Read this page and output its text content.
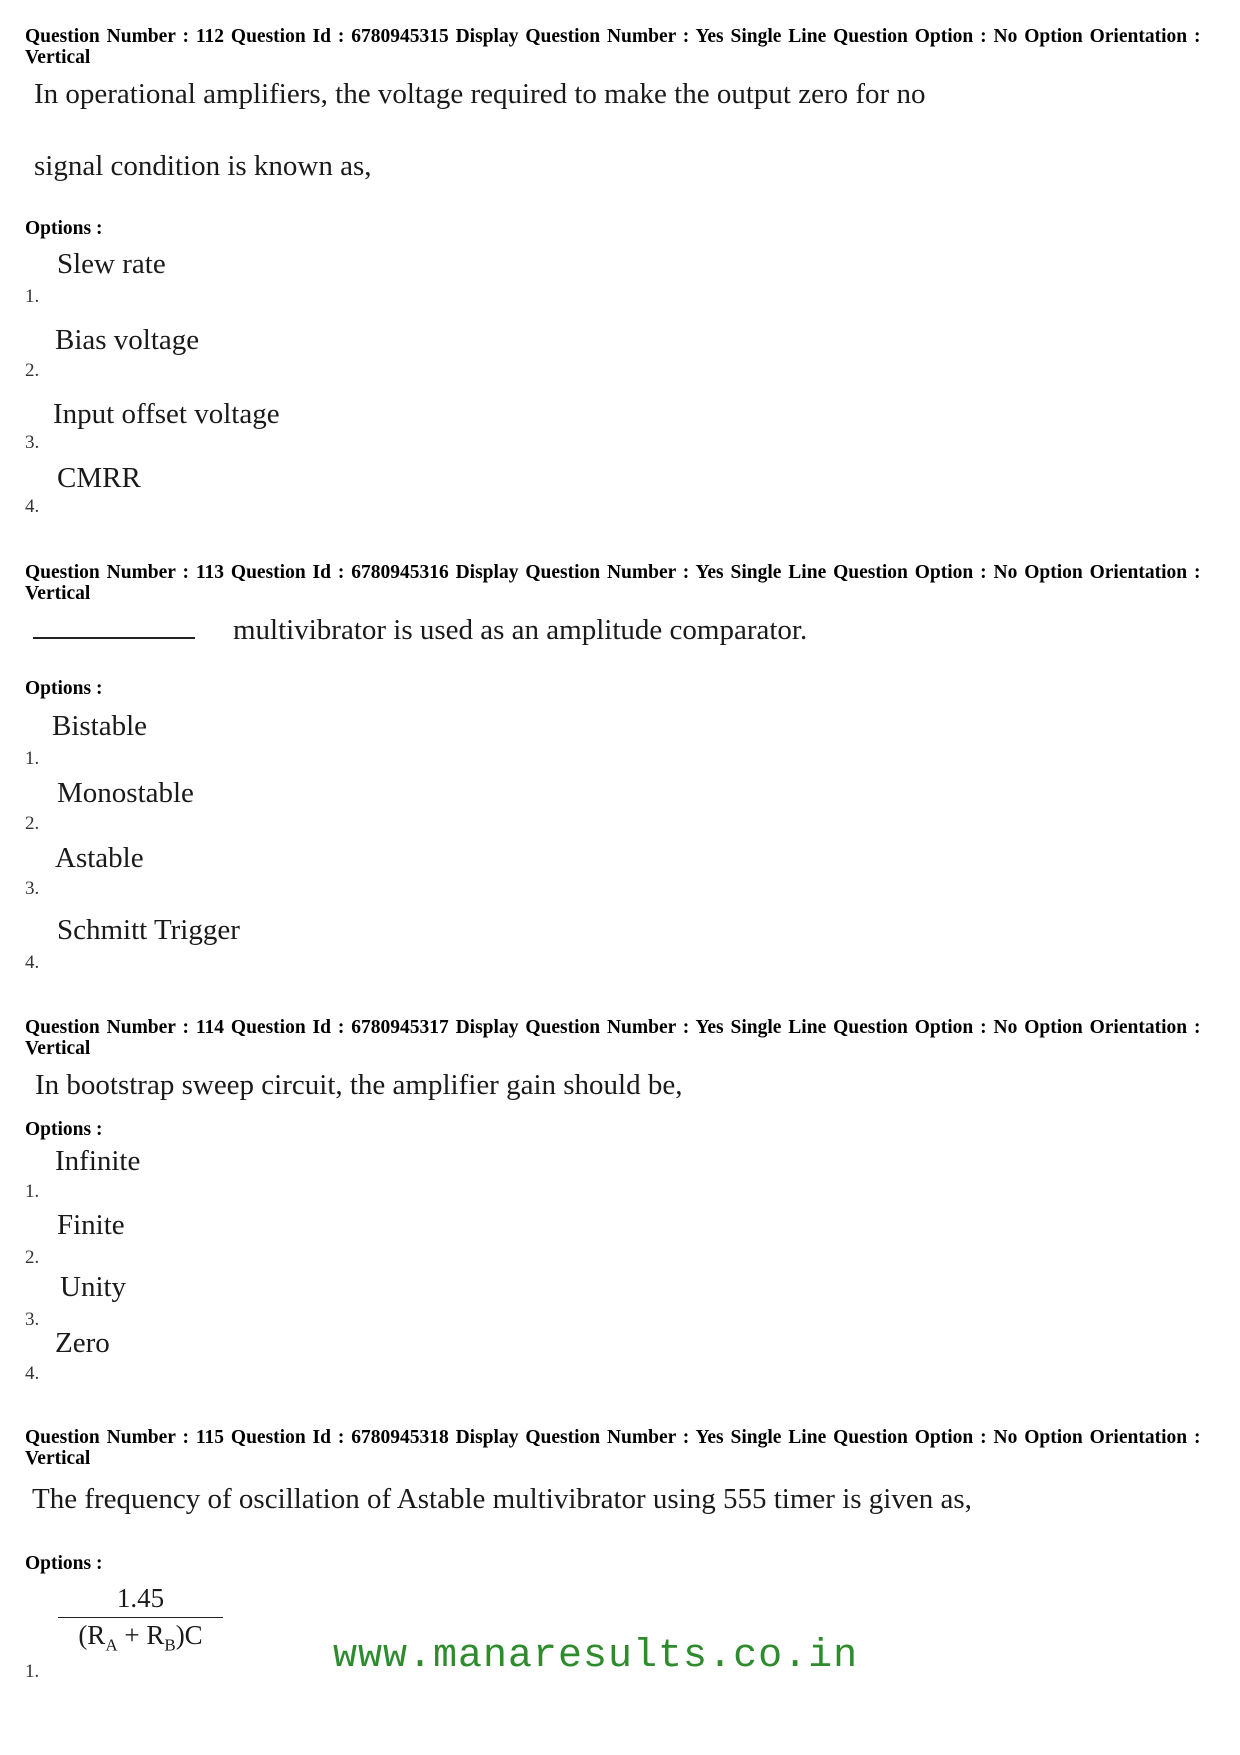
Question Number : 112 Question Id : 6780945315 Display Question Number : Yes Single Line Question Option : No Option Orientation : Vertical
In operational amplifiers, the voltage required to make the output zero for no
signal condition is known as,
Options :
1.
Slew rate
2.
Bias voltage
3.
Input offset voltage
4.
CMRR
Question Number : 113 Question Id : 6780945316 Display Question Number : Yes Single Line Question Option : No Option Orientation : Vertical
multivibrator is used as an amplitude comparator.
Options :
1.
Bistable
2.
Monostable
3.
Astable
4.
Schmitt Trigger
Question Number : 114 Question Id : 6780945317 Display Question Number : Yes Single Line Question Option : No Option Orientation : Vertical
In bootstrap sweep circuit, the amplifier gain should be,
Options :
1.
Infinite
2.
Finite
3.
Unity
4.
Zero
Question Number : 115 Question Id : 6780945318 Display Question Number : Yes Single Line Question Option : No Option Orientation : Vertical
The frequency of oscillation of Astable multivibrator using 555 timer is given as,
Options :
1.
1.45
$(R_A + R_B)C$	www.manaresults.co.in
